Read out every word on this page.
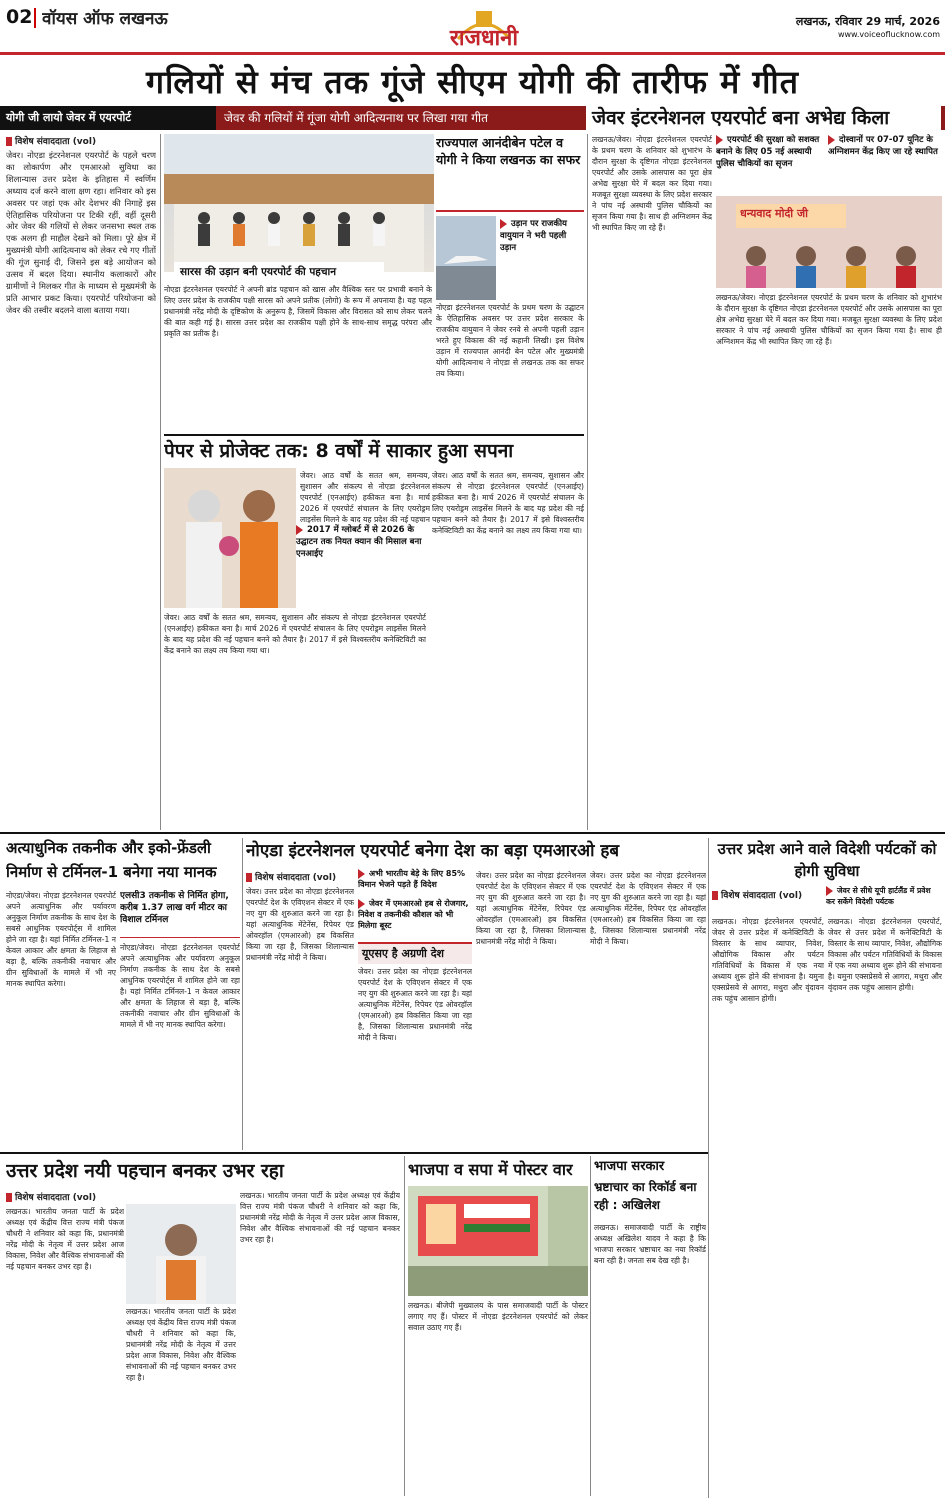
02 वॉयस ऑफ लखनऊ
राजधानी
लखनऊ, रविवार 29 मार्च, 2026
www.voiceoflucknow.com
गलियों से मंच तक गूंजे सीएम योगी की तारीफ में गीत
योगी जी लायो जेवर में एयरपोर्ट	जेवर की गलियों में गूंजा योगी आदित्यनाथ पर लिखा गया गीत	जेवर इंटरनेशनल एयरपोर्ट बना अभेद्य किला
विशेष संवाददाता (vol)
जेवर। नोएडा इंटरनेशनल एयरपोर्ट के पहले चरण का लोकार्पण और एमआरओ सुविधा का शिलान्यास उत्तर प्रदेश के इतिहास में स्वर्णिम अध्याय दर्ज करने वाला क्षण रहा। शनिवार को इस अवसर पर जहां एक ओर देशभर की निगाहें इस ऐतिहासिक परियोजना पर टिकी रहीं, वहीं दूसरी ओर जेवर की गलियों से लेकर जनसभा स्थल तक एक अलग ही माहौल देखने को मिला। पूरे क्षेत्र में मुख्यमंत्री योगी आदित्यनाथ को लेकर रचे गए गीतों की गूंज सुनाई दी, जिसने इस बड़े आयोजन को उत्सव में बदल दिया। स्थानीय कलाकारों और ग्रामीणों ने मिलकर गीत के माध्यम से मुख्यमंत्री के प्रति आभार प्रकट किया। एयरपोर्ट परियोजना को जेवर की तस्वीर बदलने वाला बताया गया।
सारस की उड़ान बनी एयरपोर्ट की पहचान
नोएडा इंटरनेशनल एयरपोर्ट ने अपनी ब्रांड पहचान को खास और वैश्विक स्तर पर प्रभावी बनाने के लिए उत्तर प्रदेश के राजकीय पक्षी सारस को अपने प्रतीक (लोगो) के रूप में अपनाया है। यह पहल प्रधानमंत्री नरेंद्र मोदी के दृष्टिकोण के अनुरूप है, जिसमें विकास और विरासत को साथ लेकर चलने की बात कही गई है। सारस उत्तर प्रदेश का राजकीय पक्षी होने के साथ-साथ समृद्ध परंपरा और प्रकृति का प्रतीक है।
राज्यपाल आनंदीबेन पटेल व योगी ने किया लखनऊ का सफर
उड़ान पर राजकीय वायुयान ने भरी पहली उड़ान
नोएडा इंटरनेशनल एयरपोर्ट के प्रथम चरण के उद्घाटन के ऐतिहासिक अवसर पर उत्तर प्रदेश सरकार के राजकीय वायुयान ने जेवर रनवे से अपनी पहली उड़ान भरते हुए विकास की नई कहानी लिखी। इस विशेष उड़ान में राज्यपाल आनंदी बेन पटेल और मुख्यमंत्री योगी आदित्यनाथ ने नोएडा से लखनऊ तक का सफर तय किया।
लखनऊ/जेवर। नोएडा इंटरनेशनल एयरपोर्ट के प्रथम चरण के शनिवार को शुभारंभ के दौरान सुरक्षा के दृष्टिगत नोएडा इंटरनेशनल एयरपोर्ट और उसके आसपास का पूरा क्षेत्र अभेद्य सुरक्षा घेरे में बदल कर दिया गया। मजबूत सुरक्षा व्यवस्था के लिए प्रदेश सरकार ने पांच नई अस्थायी पुलिस चौकियों का सृजन किया गया है। साथ ही अग्निशमन केंद्र भी स्थापित किए जा रहे हैं।
एयरपोर्ट की सुरक्षा को सशक्त बनाने के लिए 05 नई अस्थायी पुलिस चौकियों का सृजन
दोस्वानों पर 07-07 यूनिट के अग्निशमन केंद्र किए जा रहे स्थापित
धन्यवाद मोदी जी
लखनऊ/जेवर। नोएडा इंटरनेशनल एयरपोर्ट के प्रथम चरण के शनिवार को शुभारंभ के दौरान सुरक्षा के दृष्टिगत नोएडा इंटरनेशनल एयरपोर्ट और उसके आसपास का पूरा क्षेत्र अभेद्य सुरक्षा घेरे में बदल कर दिया गया। मजबूत सुरक्षा व्यवस्था के लिए प्रदेश सरकार ने पांच नई अस्थायी पुलिस चौकियों का सृजन किया गया है। साथ ही अग्निशमन केंद्र भी स्थापित किए जा रहे हैं।
पेपर से प्रोजेक्ट तक: 8 वर्षों में साकार हुआ सपना
2017 में ग्लोबर्ट में से 2026 के उद्घाटन तक नियत क्यान की मिसाल बना एनआईए
जेवर। आठ वर्षों के सतत श्रम, समन्वय, सुशासन और संकल्प से नोएडा इंटरनेशनल एयरपोर्ट (एनआईए) हकीकत बना है। मार्च 2026 में एयरपोर्ट संचालन के लिए एयरोड्रम लाइसेंस मिलने के बाद यह प्रदेश की नई पहचान
जेवर। आठ वर्षों के सतत श्रम, समन्वय, सुशासन और संकल्प से नोएडा इंटरनेशनल एयरपोर्ट (एनआईए) हकीकत बना है। मार्च 2026 में एयरपोर्ट संचालन के लिए एयरोड्रम लाइसेंस मिलने के बाद यह प्रदेश की नई पहचान बनने को तैयार है। 2017 में इसे विश्वस्तरीय कनेक्टिविटी का केंद्र बनाने का लक्ष्य तय किया गया था।
जेवर। आठ वर्षों के सतत श्रम, समन्वय, सुशासन और संकल्प से नोएडा इंटरनेशनल एयरपोर्ट (एनआईए) हकीकत बना है। मार्च 2026 में एयरपोर्ट संचालन के लिए एयरोड्रम लाइसेंस मिलने के बाद यह प्रदेश की नई पहचान बनने को तैयार है। 2017 में इसे विश्वस्तरीय कनेक्टिविटी का केंद्र बनाने का लक्ष्य तय किया गया था।
अत्याधुनिक तकनीक और इको-फ्रेंडली
निर्माण से टर्मिनल-1 बनेगा नया मानक
नोएडा/जेवर। नोएडा इंटरनेशनल एयरपोर्ट अपने अत्याधुनिक और पर्यावरण अनुकूल निर्माण तकनीक के साथ देश के सबसे आधुनिक एयरपोर्ट्स में शामिल होने जा रहा है। यहां निर्मित टर्मिनल-1 न केवल आकार और क्षमता के लिहाज से बड़ा है, बल्कि तकनीकी नवाचार और ग्रीन सुविधाओं के मामले में भी नए मानक स्थापित करेगा।
एलसी3 तकनीक से निर्मित होगा, करीब 1.37 लाख वर्ग मीटर का विशाल टर्मिनल
नोएडा/जेवर। नोएडा इंटरनेशनल एयरपोर्ट अपने अत्याधुनिक और पर्यावरण अनुकूल निर्माण तकनीक के साथ देश के सबसे आधुनिक एयरपोर्ट्स में शामिल होने जा रहा है। यहां निर्मित टर्मिनल-1 न केवल आकार और क्षमता के लिहाज से बड़ा है, बल्कि तकनीकी नवाचार और ग्रीन सुविधाओं के मामले में भी नए मानक स्थापित करेगा।
नोएडा इंटरनेशनल एयरपोर्ट बनेगा देश का बड़ा एमआरओ हब
विशेष संवाददाता (vol)
जेवर। उत्तर प्रदेश का नोएडा इंटरनेशनल एयरपोर्ट देश के एविएशन सेक्टर में एक नए युग की शुरुआत करने जा रहा है। यहां अत्याधुनिक मेंटेनेंस, रिपेयर एंड ओवरहॉल (एमआरओ) हब विकसित किया जा रहा है, जिसका शिलान्यास प्रधानमंत्री नरेंद्र मोदी ने किया।
अभी भारतीय बेड़े के लिए 85% विमान भेजने पड़ते हैं विदेश
जेवर में एमआरओ हब से रोजगार, निवेश व तकनीकी कौशल को भी मिलेगा बूस्ट
यूएसए है अग्रणी देश
जेवर। उत्तर प्रदेश का नोएडा इंटरनेशनल एयरपोर्ट देश के एविएशन सेक्टर में एक नए युग की शुरुआत करने जा रहा है। यहां अत्याधुनिक मेंटेनेंस, रिपेयर एंड ओवरहॉल (एमआरओ) हब विकसित किया जा रहा है, जिसका शिलान्यास प्रधानमंत्री नरेंद्र मोदी ने किया।
जेवर। उत्तर प्रदेश का नोएडा इंटरनेशनल एयरपोर्ट देश के एविएशन सेक्टर में एक नए युग की शुरुआत करने जा रहा है। यहां अत्याधुनिक मेंटेनेंस, रिपेयर एंड ओवरहॉल (एमआरओ) हब विकसित किया जा रहा है, जिसका शिलान्यास प्रधानमंत्री नरेंद्र मोदी ने किया।
जेवर। उत्तर प्रदेश का नोएडा इंटरनेशनल एयरपोर्ट देश के एविएशन सेक्टर में एक नए युग की शुरुआत करने जा रहा है। यहां अत्याधुनिक मेंटेनेंस, रिपेयर एंड ओवरहॉल (एमआरओ) हब विकसित किया जा रहा है, जिसका शिलान्यास प्रधानमंत्री नरेंद्र मोदी ने किया।
उत्तर प्रदेश आने वाले विदेशी पर्यटकों को होगी सुविधा
विशेष संवाददाता (vol)
जेवर से सीधे यूपी हार्टलैंड में प्रवेश कर सकेंगे विदेशी पर्यटक
लखनऊ। नोएडा इंटरनेशनल एयरपोर्ट, जेवर से उत्तर प्रदेश में कनेक्टिविटी के विस्तार के साथ व्यापार, निवेश, औद्योगिक विकास और पर्यटन गतिविधियों के विकास में एक नया अध्याय शुरू होने की संभावना है। यमुना एक्सप्रेसवे से आगरा, मथुरा और वृंदावन तक पहुंच आसान होगी।
लखनऊ। नोएडा इंटरनेशनल एयरपोर्ट, जेवर से उत्तर प्रदेश में कनेक्टिविटी के विस्तार के साथ व्यापार, निवेश, औद्योगिक विकास और पर्यटन गतिविधियों के विकास में एक नया अध्याय शुरू होने की संभावना है। यमुना एक्सप्रेसवे से आगरा, मथुरा और वृंदावन तक पहुंच आसान होगी।
उत्तर प्रदेश नयी पहचान बनकर उभर रहा
विशेष संवाददाता (vol)
लखनऊ। भारतीय जनता पार्टी के प्रदेश अध्यक्ष एवं केंद्रीय वित्त राज्य मंत्री पंकज चौधरी ने शनिवार को कहा कि, प्रधानमंत्री नरेंद्र मोदी के नेतृत्व में उत्तर प्रदेश आज विकास, निवेश और वैश्विक संभावनाओं की नई पहचान बनकर उभर रहा है।
लखनऊ। भारतीय जनता पार्टी के प्रदेश अध्यक्ष एवं केंद्रीय वित्त राज्य मंत्री पंकज चौधरी ने शनिवार को कहा कि, प्रधानमंत्री नरेंद्र मोदी के नेतृत्व में उत्तर प्रदेश आज विकास, निवेश और वैश्विक संभावनाओं की नई पहचान बनकर उभर रहा है।
लखनऊ। भारतीय जनता पार्टी के प्रदेश अध्यक्ष एवं केंद्रीय वित्त राज्य मंत्री पंकज चौधरी ने शनिवार को कहा कि, प्रधानमंत्री नरेंद्र मोदी के नेतृत्व में उत्तर प्रदेश आज विकास, निवेश और वैश्विक संभावनाओं की नई पहचान बनकर उभर रहा है।
भाजपा व सपा में पोस्टर वार
लखनऊ। बीजेपी मुख्यालय के पास समाजवादी पार्टी के पोस्टर लगाए गए हैं। पोस्टर में नोएडा इंटरनेशनल एयरपोर्ट को लेकर सवाल उठाए गए हैं।
भाजपा सरकार
भ्रष्टाचार का रिकॉर्ड बना रही : अखिलेश
लखनऊ। समाजवादी पार्टी के राष्ट्रीय अध्यक्ष अखिलेश यादव ने कहा है कि भाजपा सरकार भ्रष्टाचार का नया रिकॉर्ड बना रही है। जनता सब देख रही है।
